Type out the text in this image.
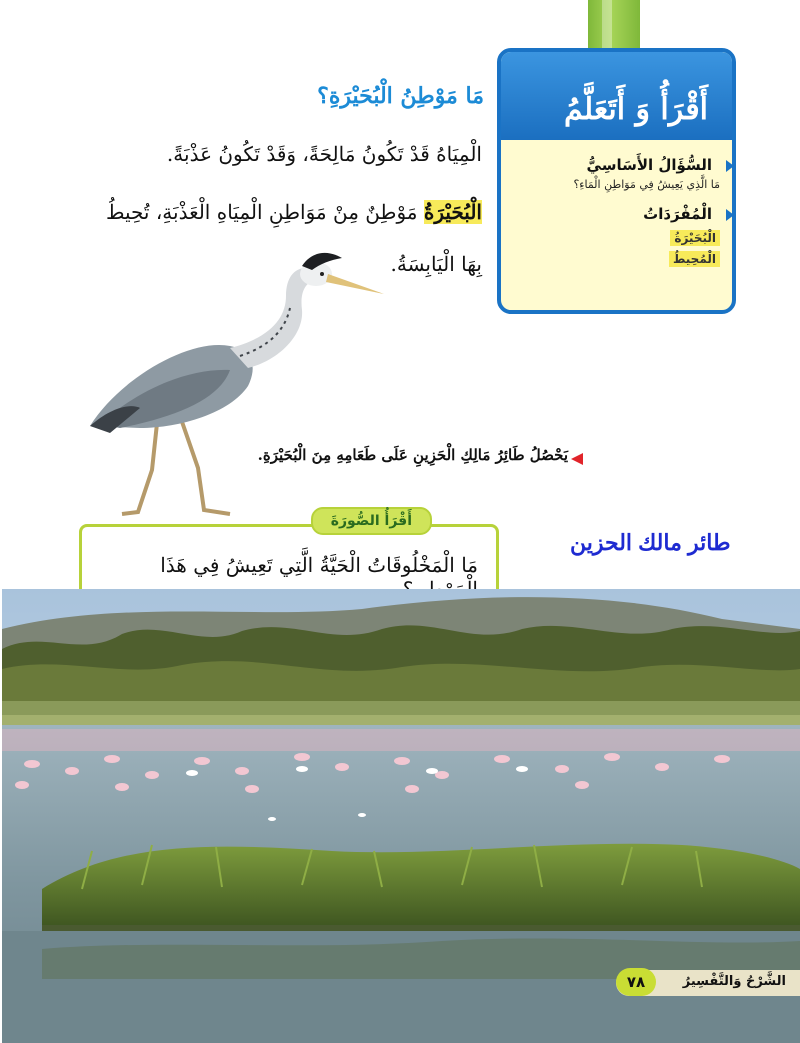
أَقْرَأُ وَ أَتَعَلَّمُ
السُّؤَالُ الأَسَاسِيُّ
مَا الَّذِي يَعِيشُ فِي مَوَاطِنِ الْمَاءِ؟
الْمُفْرَدَاتُ
الْبُحَيْرَةُ
الْمُحِيطُ
مَا مَوْطِنُ الْبُحَيْرَةِ؟
الْمِيَاهُ قَدْ تَكُونُ مَالِحَةً، وَقَدْ تَكُونُ عَذْبَةً.
الْبُحَيْرَةُ مَوْطِنٌ مِنْ مَوَاطِنِ الْمِيَاهِ الْعَذْبَةِ، تُحِيطُ
بِهَا الْيَابِسَةُ.
يَحْصُلُ طَائِرُ مَالِكِ الْحَزِينِ عَلَى طَعَامِهِ مِنَ الْبُحَيْرَةِ.
أَقْرَأُ الصُّورَةَ
مَا الْمَخْلُوقَاتُ الْحَيَّةُ الَّتِي تَعِيشُ فِي هَذَا
طائر مالك الحزين
الشَّرْحُ وَالتَّفْسِيرُ
٧٨
